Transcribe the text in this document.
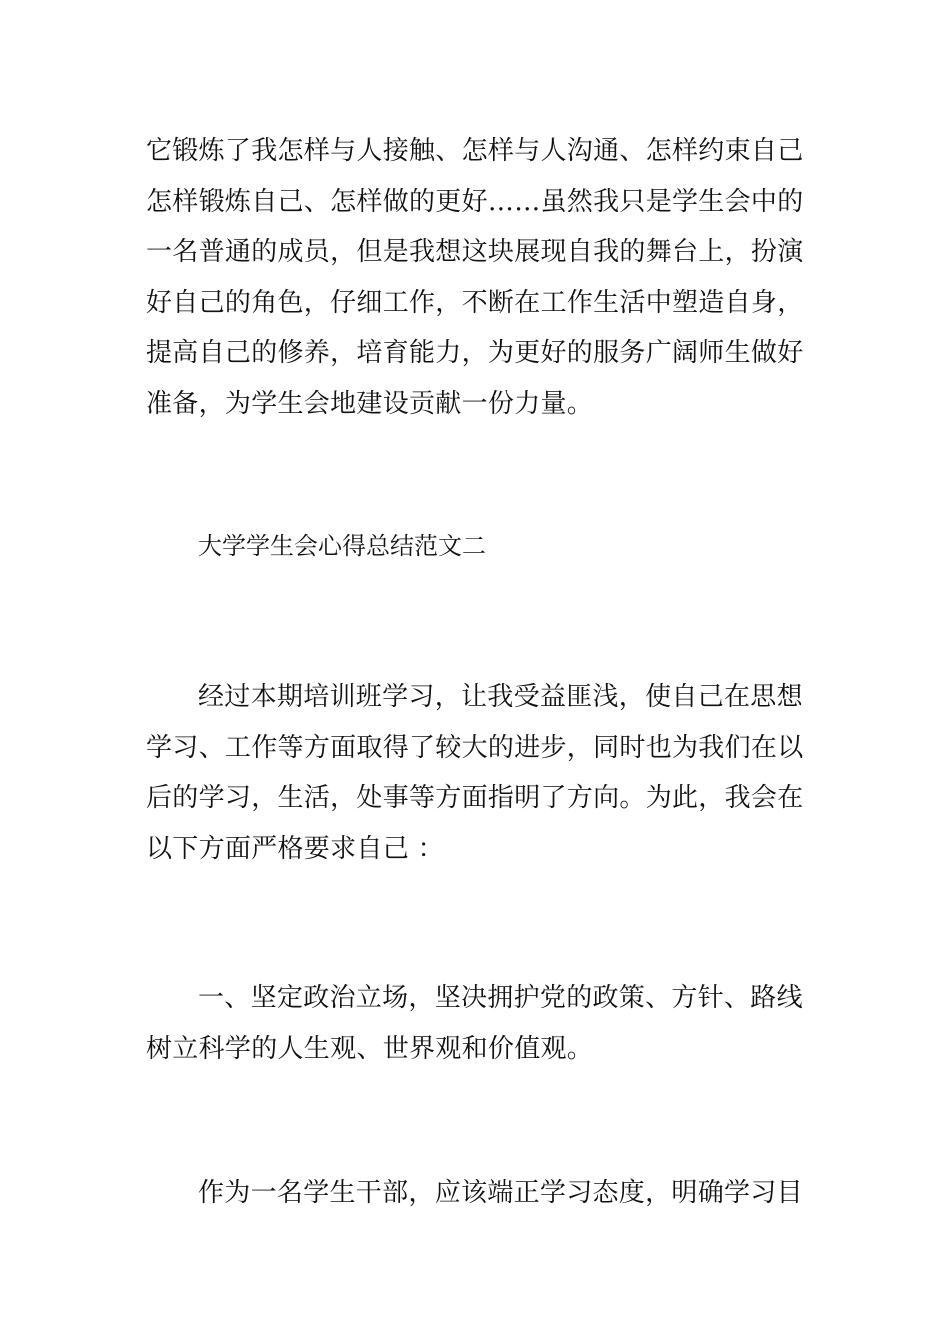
它锻炼了我怎样与人接触、怎样与人沟通、怎样约束自己
怎样锻炼自己、怎样做的更好……虽然我只是学生会中的
一名普通的成员，但是我想这块展现自我的舞台上，扮演
好自己的角色，仔细工作，不断在工作生活中塑造自身，
提高自己的修养，培育能力，为更好的服务广阔师生做好
准备，为学生会地建设贡献一份力量。
大学学生会心得总结范文二
经过本期培训班学习，让我受益匪浅，使自己在思想
学习、工作等方面取得了较大的进步，同时也为我们在以
后的学习，生活，处事等方面指明了方向。为此，我会在
以下方面严格要求自己 ：
一、坚定政治立场，坚决拥护党的政策、方针、路线
树立科学的人生观、世界观和价值观。
作为一名学生干部，应该端正学习态度，明确学习目
